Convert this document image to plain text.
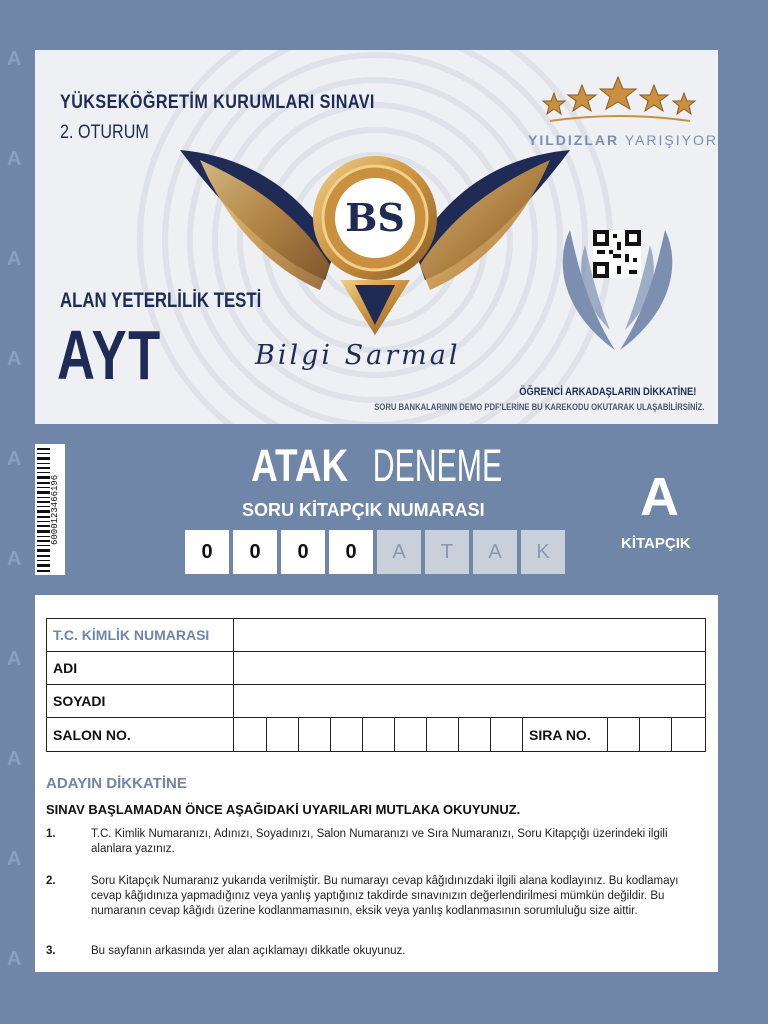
A
A
A
A
A
A
A
A
A
A
YÜKSEKÖĞRETİM KURUMLARI SINAVI
2. OTURUM
BS
ALAN YETERLİLİK TESTİ
AYT	Bilgi Sarmal
YILDIZLAR YARIŞIYOR
ÖĞRENCİ ARKADAŞLARIN DİKKATİNE!
SORU BANKALARININ DEMO PDF'LERİNE BU KAREKODU OKUTARAK ULAŞABİLİRSİNİZ.
6000123466196
ATAK DENEME
SORU KİTAPÇIK NUMARASI
0	0	0	0	A	T	A	K
A
KİTAPÇIK
T.C. KİMLİK NUMARASI	
ADI	
SOYADI	
SALON NO.	SIRA NO.
ADAYIN DİKKATİNE
SINAV BAŞLAMADAN ÖNCE AŞAĞIDAKİ UYARILARI MUTLAKA OKUYUNUZ.
1.	T.C. Kimlik Numaranızı, Adınızı, Soyadınızı, Salon Numaranızı ve Sıra Numaranızı, Soru Kitapçığı üzerindeki ilgili alanlara yazınız.
2.	Soru Kitapçık Numaranız yukarıda verilmiştir. Bu numarayı cevap kâğıdınızdaki ilgili alana kodlayınız. Bu kodlamayı cevap kâğıdınıza yapmadığınız veya yanlış yaptığınız takdirde sınavınızın değerlendirilmesi mümkün değildir. Bu numaranın cevap kâğıdı üzerine kodlanmamasının, eksik veya yanlış kodlanmasının sorumluluğu size aittir.
3.	Bu sayfanın arkasında yer alan açıklamayı dikkatle okuyunuz.
